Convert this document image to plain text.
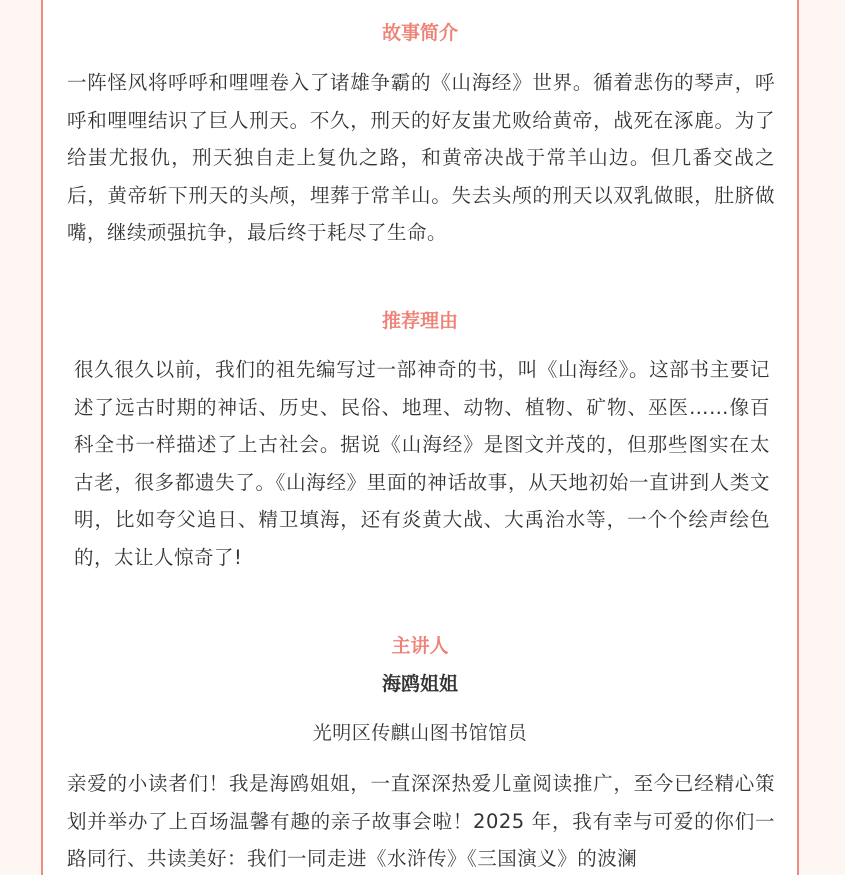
故事简介

一阵怪风将呼呼和哩哩卷入了诸雄争霸的《山海经》世界。循着悲伤的琴声，呼呼和哩哩结识了巨人刑天。不久，刑天的好友蚩尤败给黄帝，战死在涿鹿。为了给蚩尤报仇，刑天独自走上复仇之路，和黄帝决战于常羊山边。但几番交战之后，黄帝斩下刑天的头颅，埋葬于常羊山。失去头颅的刑天以双乳做眼，肚脐做嘴，继续顽强抗争，最后终于耗尽了生命。

推荐理由

很久很久以前，我们的祖先编写过一部神奇的书，叫《山海经》。这部书主要记述了远古时期的神话、历史、民俗、地理、动物、植物、矿物、巫医……像百科全书一样描述了上古社会。据说《山海经》是图文并茂的，但那些图实在太古老，很多都遗失了。《山海经》里面的神话故事，从天地初始一直讲到人类文明，比如夸父追日、精卫填海，还有炎黄大战、大禹治水等，一个个绘声绘色的，太让人惊奇了!

主讲人
海鸥姐姐
光明区传麒山图书馆馆员

亲爱的小读者们！我是海鸥姐姐，一直深深热爱儿童阅读推广，至今已经精心策划并举办了上百场温馨有趣的亲子故事会啦！2025 年，我有幸与可爱的你们一路同行、共读美好：我们一同走进《水浒传》《三国演义》的波澜
